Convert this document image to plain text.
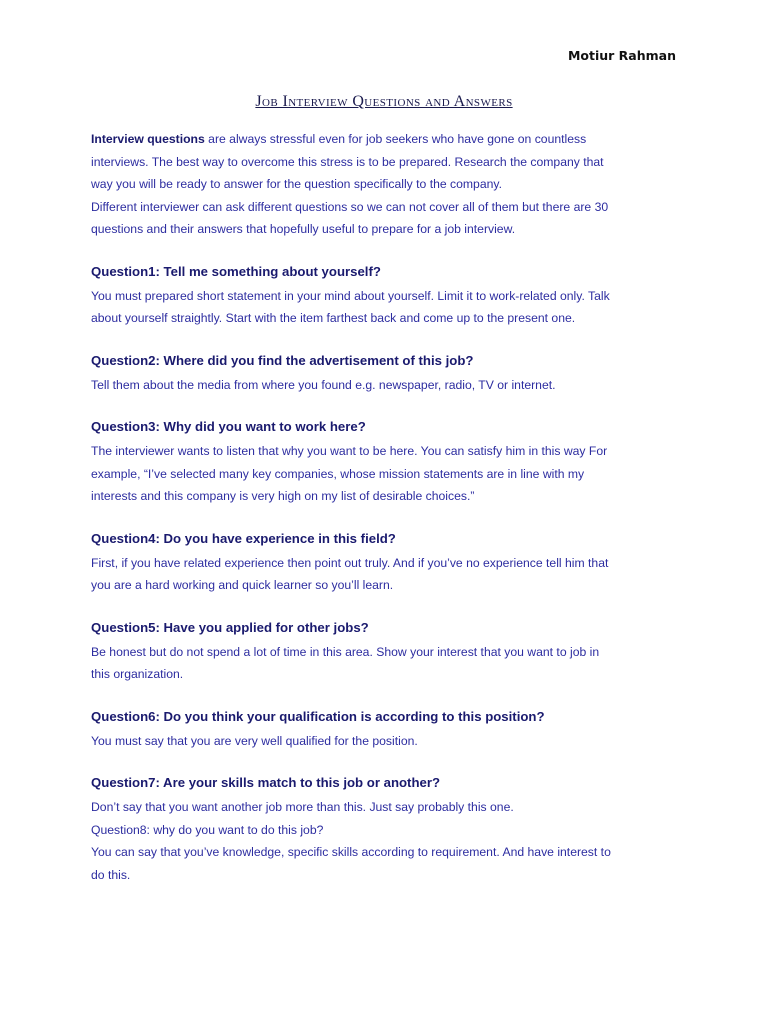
Motiur Rahman
Job Interview Questions and Answers

Interview questions are always stressful even for job seekers who have gone on countless interviews. The best way to overcome this stress is to be prepared. Research the company that way you will be ready to answer for the question specifically to the company.
Different interviewer can ask different questions so we can not cover all of them but there are 30 questions and their answers that hopefully useful to prepare for a job interview.

Question1: Tell me something about yourself?

You must prepared short statement in your mind about yourself. Limit it to work-related only. Talk about yourself straightly. Start with the item farthest back and come up to the present one.

Question2: Where did you find the advertisement of this job?

Tell them about the media from where you found e.g. newspaper, radio, TV or internet.

Question3: Why did you want to work here?

The interviewer wants to listen that why you want to be here. You can satisfy him in this way For example, “I’ve selected many key companies, whose mission statements are in line with my interests and this company is very high on my list of desirable choices.”

Question4: Do you have experience in this field?

First, if you have related experience then point out truly. And if you’ve no experience tell him that you are a hard working and quick learner so you’ll learn.

Question5: Have you applied for other jobs?

Be honest but do not spend a lot of time in this area. Show your interest that you want to job in this organization.

Question6: Do you think your qualification is according to this position?

You must say that you are very well qualified for the position.

Question7: Are your skills match to this job or another?

Don’t say that you want another job more than this. Just say probably this one.
Question8: why do you want to do this job?
You can say that you’ve knowledge, specific skills according to requirement. And have interest to do this.
